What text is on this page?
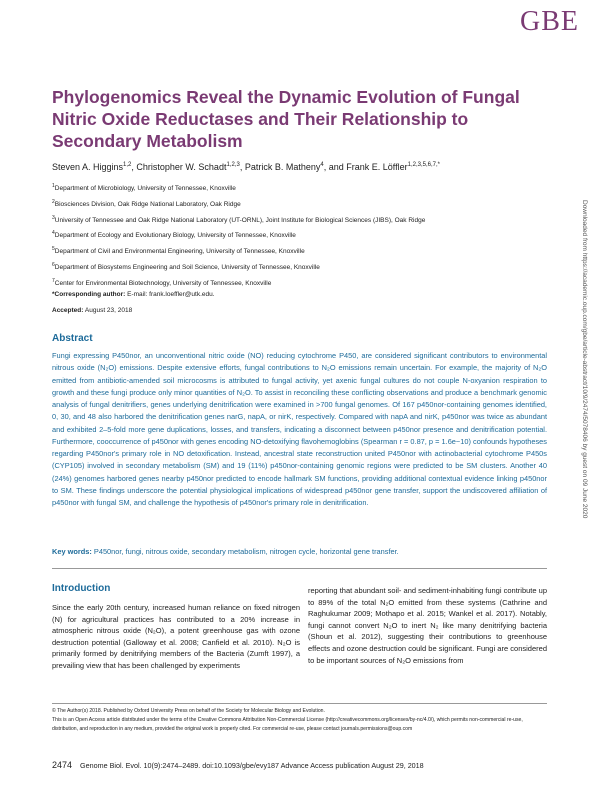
GBE
Phylogenomics Reveal the Dynamic Evolution of Fungal Nitric Oxide Reductases and Their Relationship to Secondary Metabolism
Steven A. Higgins$^{1,2}$, Christopher W. Schadt$^{1,2,3}$, Patrick B. Matheny$^4$, and Frank E. Löffler$^{1,2,3,5,6,7,*}$
$^1$Department of Microbiology, University of Tennessee, Knoxville
$^2$Biosciences Division, Oak Ridge National Laboratory, Oak Ridge
$^3$University of Tennessee and Oak Ridge National Laboratory (UT-ORNL), Joint Institute for Biological Sciences (JIBS), Oak Ridge
$^4$Department of Ecology and Evolutionary Biology, University of Tennessee, Knoxville
$^5$Department of Civil and Environmental Engineering, University of Tennessee, Knoxville
$^6$Department of Biosystems Engineering and Soil Science, University of Tennessee, Knoxville
$^7$Center for Environmental Biotechnology, University of Tennessee, Knoxville
*Corresponding author: E-mail: frank.loeffler@utk.edu.
Accepted: August 23, 2018
Abstract
Fungi expressing P450nor, an unconventional nitric oxide (NO) reducing cytochrome P450, are considered significant contributors to environmental nitrous oxide (N₂O) emissions. Despite extensive efforts, fungal contributions to N₂O emissions remain uncertain. For example, the majority of N₂O emitted from antibiotic-amended soil microcosms is attributed to fungal activity, yet axenic fungal cultures do not couple N-oxyanion respiration to growth and these fungi produce only minor quantities of N₂O. To assist in reconciling these conflicting observations and produce a benchmark genomic analysis of fungal denitrifiers, genes underlying denitrification were examined in >700 fungal genomes. Of 167 p450nor-containing genomes identified, 0, 30, and 48 also harbored the denitrification genes narG, napA, or nirK, respectively. Compared with napA and nirK, p450nor was twice as abundant and exhibited 2–5-fold more gene duplications, losses, and transfers, indicating a disconnect between p450nor presence and denitrification potential. Furthermore, cooccurrence of p450nor with genes encoding NO-detoxifying flavohemoglobins (Spearman r = 0.87, p = 1.6e−10) confounds hypotheses regarding P450nor's primary role in NO detoxification. Instead, ancestral state reconstruction united P450nor with actinobacterial cytochrome P450s (CYP105) involved in secondary metabolism (SM) and 19 (11%) p450nor-containing genomic regions were predicted to be SM clusters. Another 40 (24%) genomes harbored genes nearby p450nor predicted to encode hallmark SM functions, providing additional contextual evidence linking p450nor to SM. These findings underscore the potential physiological implications of widespread p450nor gene transfer, support the undiscovered affiliation of p450nor with fungal SM, and challenge the hypothesis of p450nor's primary role in denitrification.
Key words: P450nor, fungi, nitrous oxide, secondary metabolism, nitrogen cycle, horizontal gene transfer.
Introduction
Since the early 20th century, increased human reliance on fixed nitrogen (N) for agricultural practices has contributed to a 20% increase in atmospheric nitrous oxide (N₂O), a potent greenhouse gas with ozone destruction potential (Galloway et al. 2008; Canfield et al. 2010). N₂O is primarily formed by denitrifying members of the Bacteria (Zumft 1997), a prevailing view that has been challenged by experiments
reporting that abundant soil- and sediment-inhabiting fungi contribute up to 89% of the total N₂O emitted from these systems (Cathrine and Raghukumar 2009; Mothapo et al. 2015; Wankel et al. 2017). Notably, fungi cannot convert N₂O to inert N₂ like many denitrifying bacteria (Shoun et al. 2012), suggesting their contributions to greenhouse effects and ozone destruction could be significant. Fungi are considered to be important sources of N₂O emissions from
© The Author(s) 2018. Published by Oxford University Press on behalf of the Society for Molecular Biology and Evolution.
This is an Open Access article distributed under the terms of the Creative Commons Attribution Non-Commercial License (http://creativecommons.org/licenses/by-nc/4.0/), which permits non-commercial re-use, distribution, and reproduction in any medium, provided the original work is properly cited. For commercial re-use, please contact journals.permissions@oup.com
2474 Genome Biol. Evol. 10(9):2474–2489. doi:10.1093/gbe/evy187 Advance Access publication August 29, 2018
Downloaded from https://academic.oup.com/gbe/article-abstract/10/9/2474/5078406 by guest on 09 June 2020
